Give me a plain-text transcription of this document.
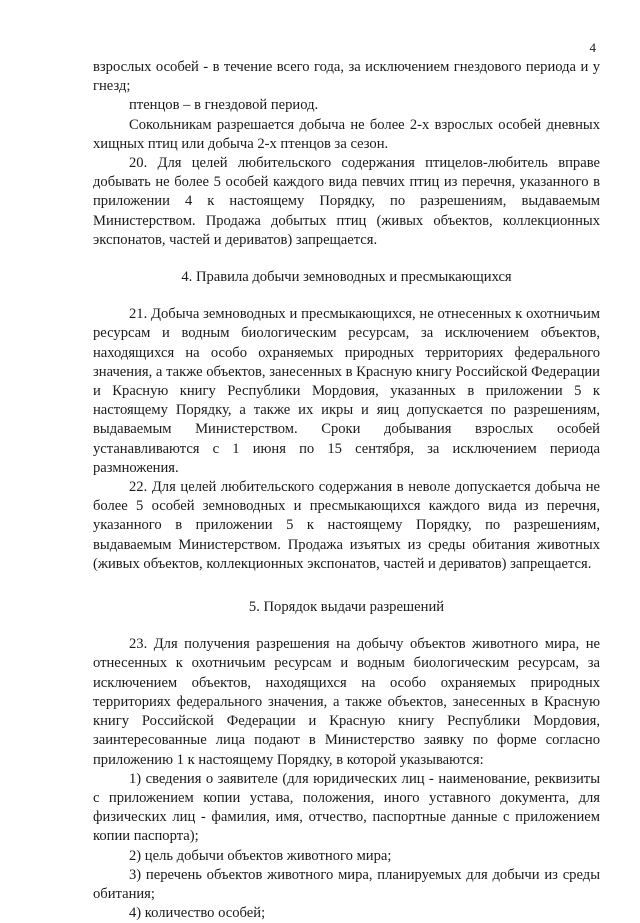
4

взрослых особей - в течение всего года, за исключением гнездового периода и у гнезд;

птенцов – в гнездовой период.

Сокольникам разрешается добыча не более 2-х взрослых особей дневных хищных птиц или добыча 2-х птенцов за сезон.

20. Для целей любительского содержания птицелов-любитель вправе добывать не более 5 особей каждого вида певчих птиц из перечня, указанного в приложении 4 к настоящему Порядку, по разрешениям, выдаваемым Министерством. Продажа добытых птиц (живых объектов, коллекционных экспонатов, частей и дериватов) запрещается.

4. Правила добычи земноводных и пресмыкающихся

21. Добыча земноводных и пресмыкающихся, не отнесенных к охотничьим ресурсам и водным биологическим ресурсам, за исключением объектов, находящихся на особо охраняемых природных территориях федерального значения, а также объектов, занесенных в Красную книгу Российской Федерации и Красную книгу Республики Мордовия, указанных в приложении 5 к настоящему Порядку, а также их икры и яиц допускается по разрешениям, выдаваемым Министерством. Сроки добывания взрослых особей устанавливаются с 1 июня по 15 сентября, за исключением периода размножения.

22. Для целей любительского содержания в неволе допускается добыча не более 5 особей земноводных и пресмыкающихся каждого вида из перечня, указанного в приложении 5 к настоящему Порядку, по разрешениям, выдаваемым Министерством. Продажа изъятых из среды обитания животных (живых объектов, коллекционных экспонатов, частей и дериватов) запрещается.

5. Порядок выдачи разрешений

23. Для получения разрешения на добычу объектов животного мира, не отнесенных к охотничьим ресурсам и водным биологическим ресурсам, за исключением объектов, находящихся на особо охраняемых природных территориях федерального значения, а также объектов, занесенных в Красную книгу Российской Федерации и Красную книгу Республики Мордовия, заинтересованные лица подают в Министерство заявку по форме согласно приложению 1 к настоящему Порядку, в которой указываются:

1) сведения о заявителе (для юридических лиц - наименование, реквизиты с приложением копии устава, положения, иного уставного документа, для физических лиц - фамилия, имя, отчество, паспортные данные с приложением копии паспорта);

2) цель добычи объектов животного мира;

3) перечень объектов животного мира, планируемых для добычи из среды обитания;

4) количество особей;
